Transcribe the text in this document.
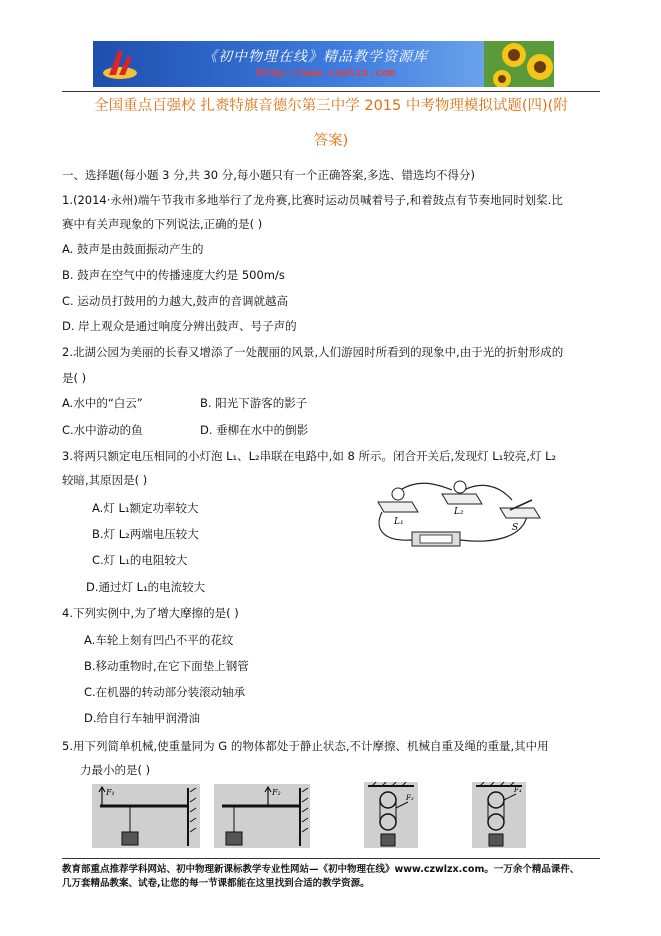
《初中物理在线》精品教学资源库
http://www.czwlzx.com
全国重点百强校 扎赉特旗音德尔第三中学 2015 中考物理模拟试题(四)(附
答案)
一、选择题(每小题 3 分,共 30 分,每小题只有一个正确答案,多选、错选均不得分)
1.(2014·永州)端午节我市多地举行了龙舟赛,比赛时运动员喊着号子,和着鼓点有节奏地同时划桨.比
赛中有关声现象的下列说法,正确的是( )
A. 鼓声是由鼓面振动产生的
B. 鼓声在空气中的传播速度大约是 500m/s
C. 运动员打鼓用的力越大,鼓声的音调就越高
D. 岸上观众是通过响度分辨出鼓声、号子声的
2.北湖公园为美丽的长春又增添了一处靓丽的风景,人们游园时所看到的现象中,由于光的折射形成的
是( )
A.水中的“白云”	B. 阳光下游客的影子
C.水中游动的鱼	D. 垂柳在水中的倒影
3.将两只额定电压相同的小灯泡 L₁、L₂串联在电路中,如 8 所示。闭合开关后,发现灯 L₁较亮,灯 L₂
较暗,其原因是( )
A.灯 L₁额定功率较大
B.灯 L₂两端电压较大
C.灯 L₁的电阻较大
D.通过灯 L₁的电流较大
L₁
L₂
S
4.下列实例中,为了增大摩擦的是( )
A.车轮上刻有凹凸不平的花纹
B.移动重物时,在它下面垫上钢管
C.在机器的转动部分装滚动轴承
D.给自行车轴甲润滑油
5.用下列简单机械,使重量同为 G 的物体都处于静止状态,不计摩擦、机械自重及绳的重量,其中用
力最小的是( )
F₁	F₂
F₃
F₄
教育部重点推荐学科网站、初中物理新课标教学专业性网站—《初中物理在线》www.czwlzx.com。一万余个精品课件、
几万套精品教案、试卷,让您的每一节课都能在这里找到合适的教学资源。
